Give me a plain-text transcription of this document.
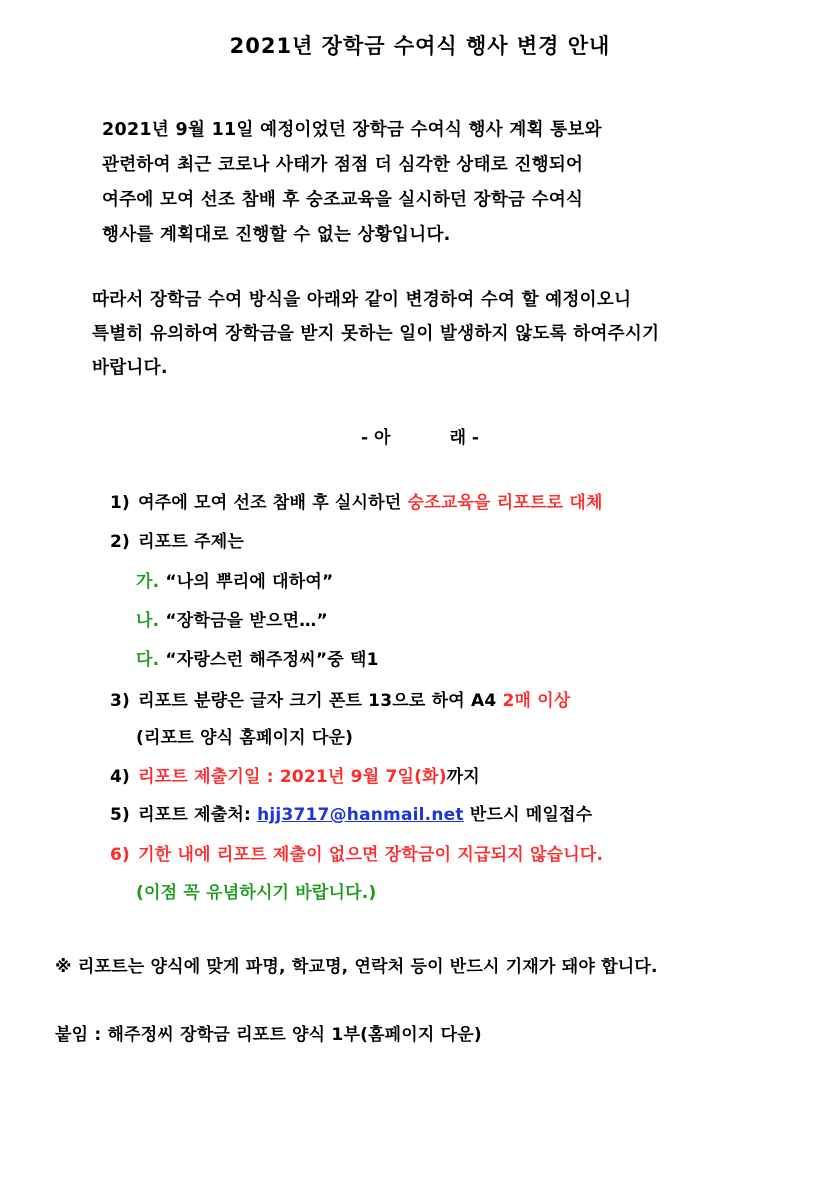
2021년 장학금 수여식 행사 변경 안내
2021년 9월 11일 예정이었던 장학금 수여식 행사 계획 통보와
관련하여 최근 코로나 사태가 점점 더 심각한 상태로 진행되어
여주에 모여 선조 참배 후 숭조교육을 실시하던 장학금 수여식
행사를 계획대로 진행할 수 없는 상황입니다.
따라서 장학금 수여 방식을 아래와 같이 변경하여 수여 할 예정이오니
특별히 유의하여 장학금을 받지 못하는 일이 발생하지 않도록 하여주시기
바랍니다.
- 아          래 -
1) 여주에 모여 선조 참배 후 실시하던 숭조교육을 리포트로 대체
2) 리포트 주제는
가. “나의 뿌리에 대하여”
나. “장학금을 받으면…”
다. “자랑스런 해주정씨”중 택1
3) 리포트 분량은 글자 크기 폰트 13으로 하여 A4 2매 이상
(리포트 양식 홈페이지 다운)
4) 리포트 제출기일 : 2021년 9월 7일(화)까지
5) 리포트 제출처: hjj3717@hanmail.net 반드시 메일접수
6) 기한 내에 리포트 제출이 없으면 장학금이 지급되지 않습니다.
(이점 꼭 유념하시기 바랍니다.)
※ 리포트는 양식에 맞게 파명, 학교명, 연락처 등이 반드시 기재가 돼야 합니다.
붙임 : 해주정씨 장학금 리포트 양식 1부(홈페이지 다운)
